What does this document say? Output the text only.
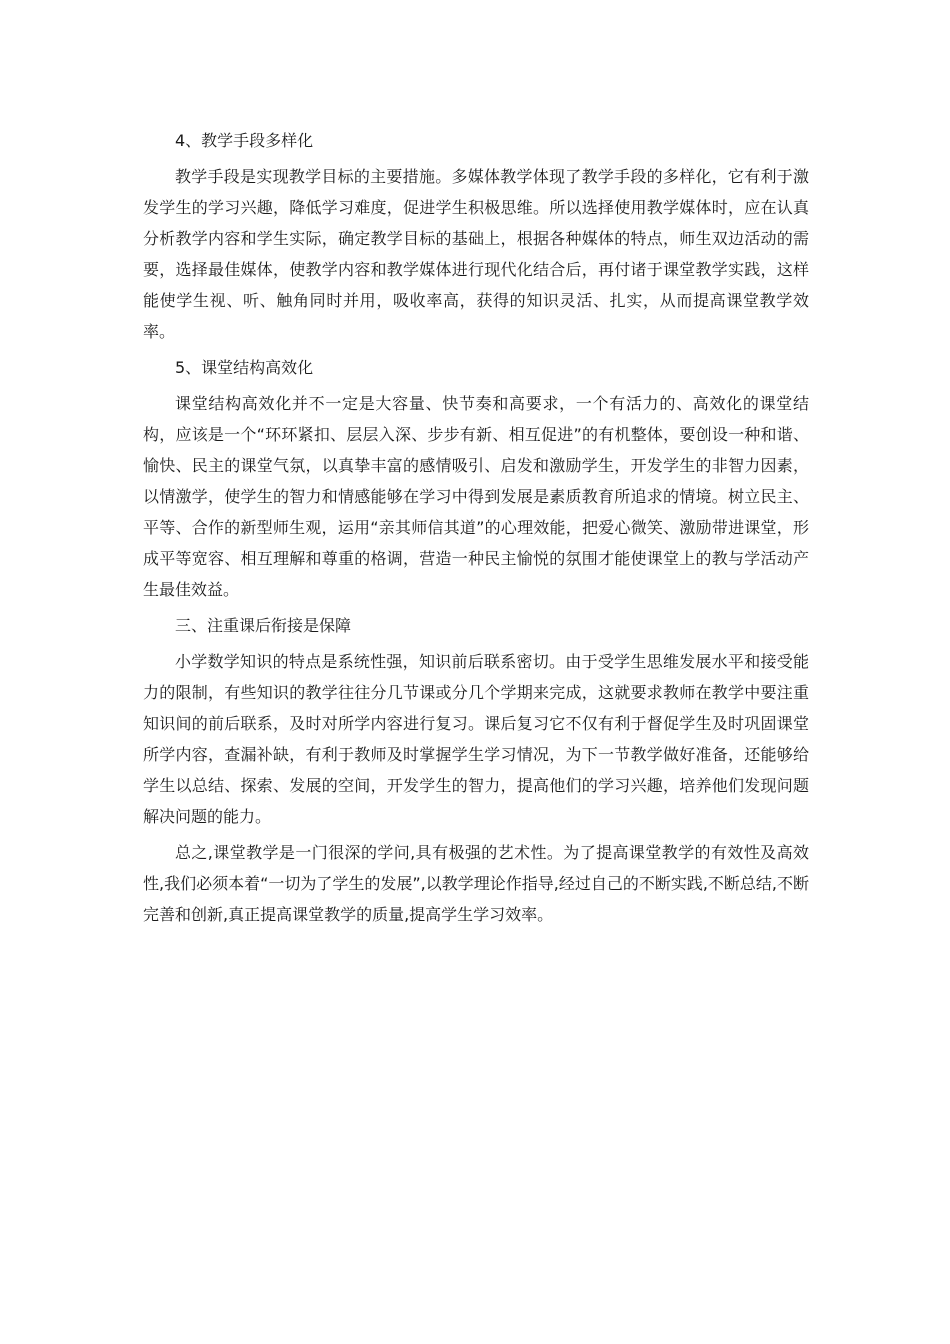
4、教学手段多样化

教学手段是实现教学目标的主要措施。多媒体教学体现了教学手段的多样化，它有利于激发学生的学习兴趣，降低学习难度，促进学生积极思维。所以选择使用教学媒体时，应在认真分析教学内容和学生实际，确定教学目标的基础上，根据各种媒体的特点，师生双边活动的需要，选择最佳媒体，使教学内容和教学媒体进行现代化结合后，再付诸于课堂教学实践，这样能使学生视、听、触角同时并用，吸收率高，获得的知识灵活、扎实，从而提高课堂教学效率。

5、课堂结构高效化

课堂结构高效化并不一定是大容量、快节奏和高要求，一个有活力的、高效化的课堂结构，应该是一个“环环紧扣、层层入深、步步有新、相互促进”的有机整体，要创设一种和谐、愉快、民主的课堂气氛，以真挚丰富的感情吸引、启发和激励学生，开发学生的非智力因素，以情激学，使学生的智力和情感能够在学习中得到发展是素质教育所追求的情境。树立民主、平等、合作的新型师生观，运用“亲其师信其道”的心理效能，把爱心微笑、激励带进课堂，形成平等宽容、相互理解和尊重的格调，营造一种民主愉悦的氛围才能使课堂上的教与学活动产生最佳效益。

三、注重课后衔接是保障

小学数学知识的特点是系统性强，知识前后联系密切。由于受学生思维发展水平和接受能力的限制，有些知识的教学往往分几节课或分几个学期来完成，这就要求教师在教学中要注重知识间的前后联系，及时对所学内容进行复习。课后复习它不仅有利于督促学生及时巩固课堂所学内容，查漏补缺，有利于教师及时掌握学生学习情况，为下一节教学做好准备，还能够给学生以总结、探索、发展的空间，开发学生的智力，提高他们的学习兴趣，培养他们发现问题解决问题的能力。

总之,课堂教学是一门很深的学问,具有极强的艺术性。为了提高课堂教学的有效性及高效性,我们必须本着“一切为了学生的发展”,以教学理论作指导,经过自己的不断实践,不断总结,不断完善和创新,真正提高课堂教学的质量,提高学生学习效率。
